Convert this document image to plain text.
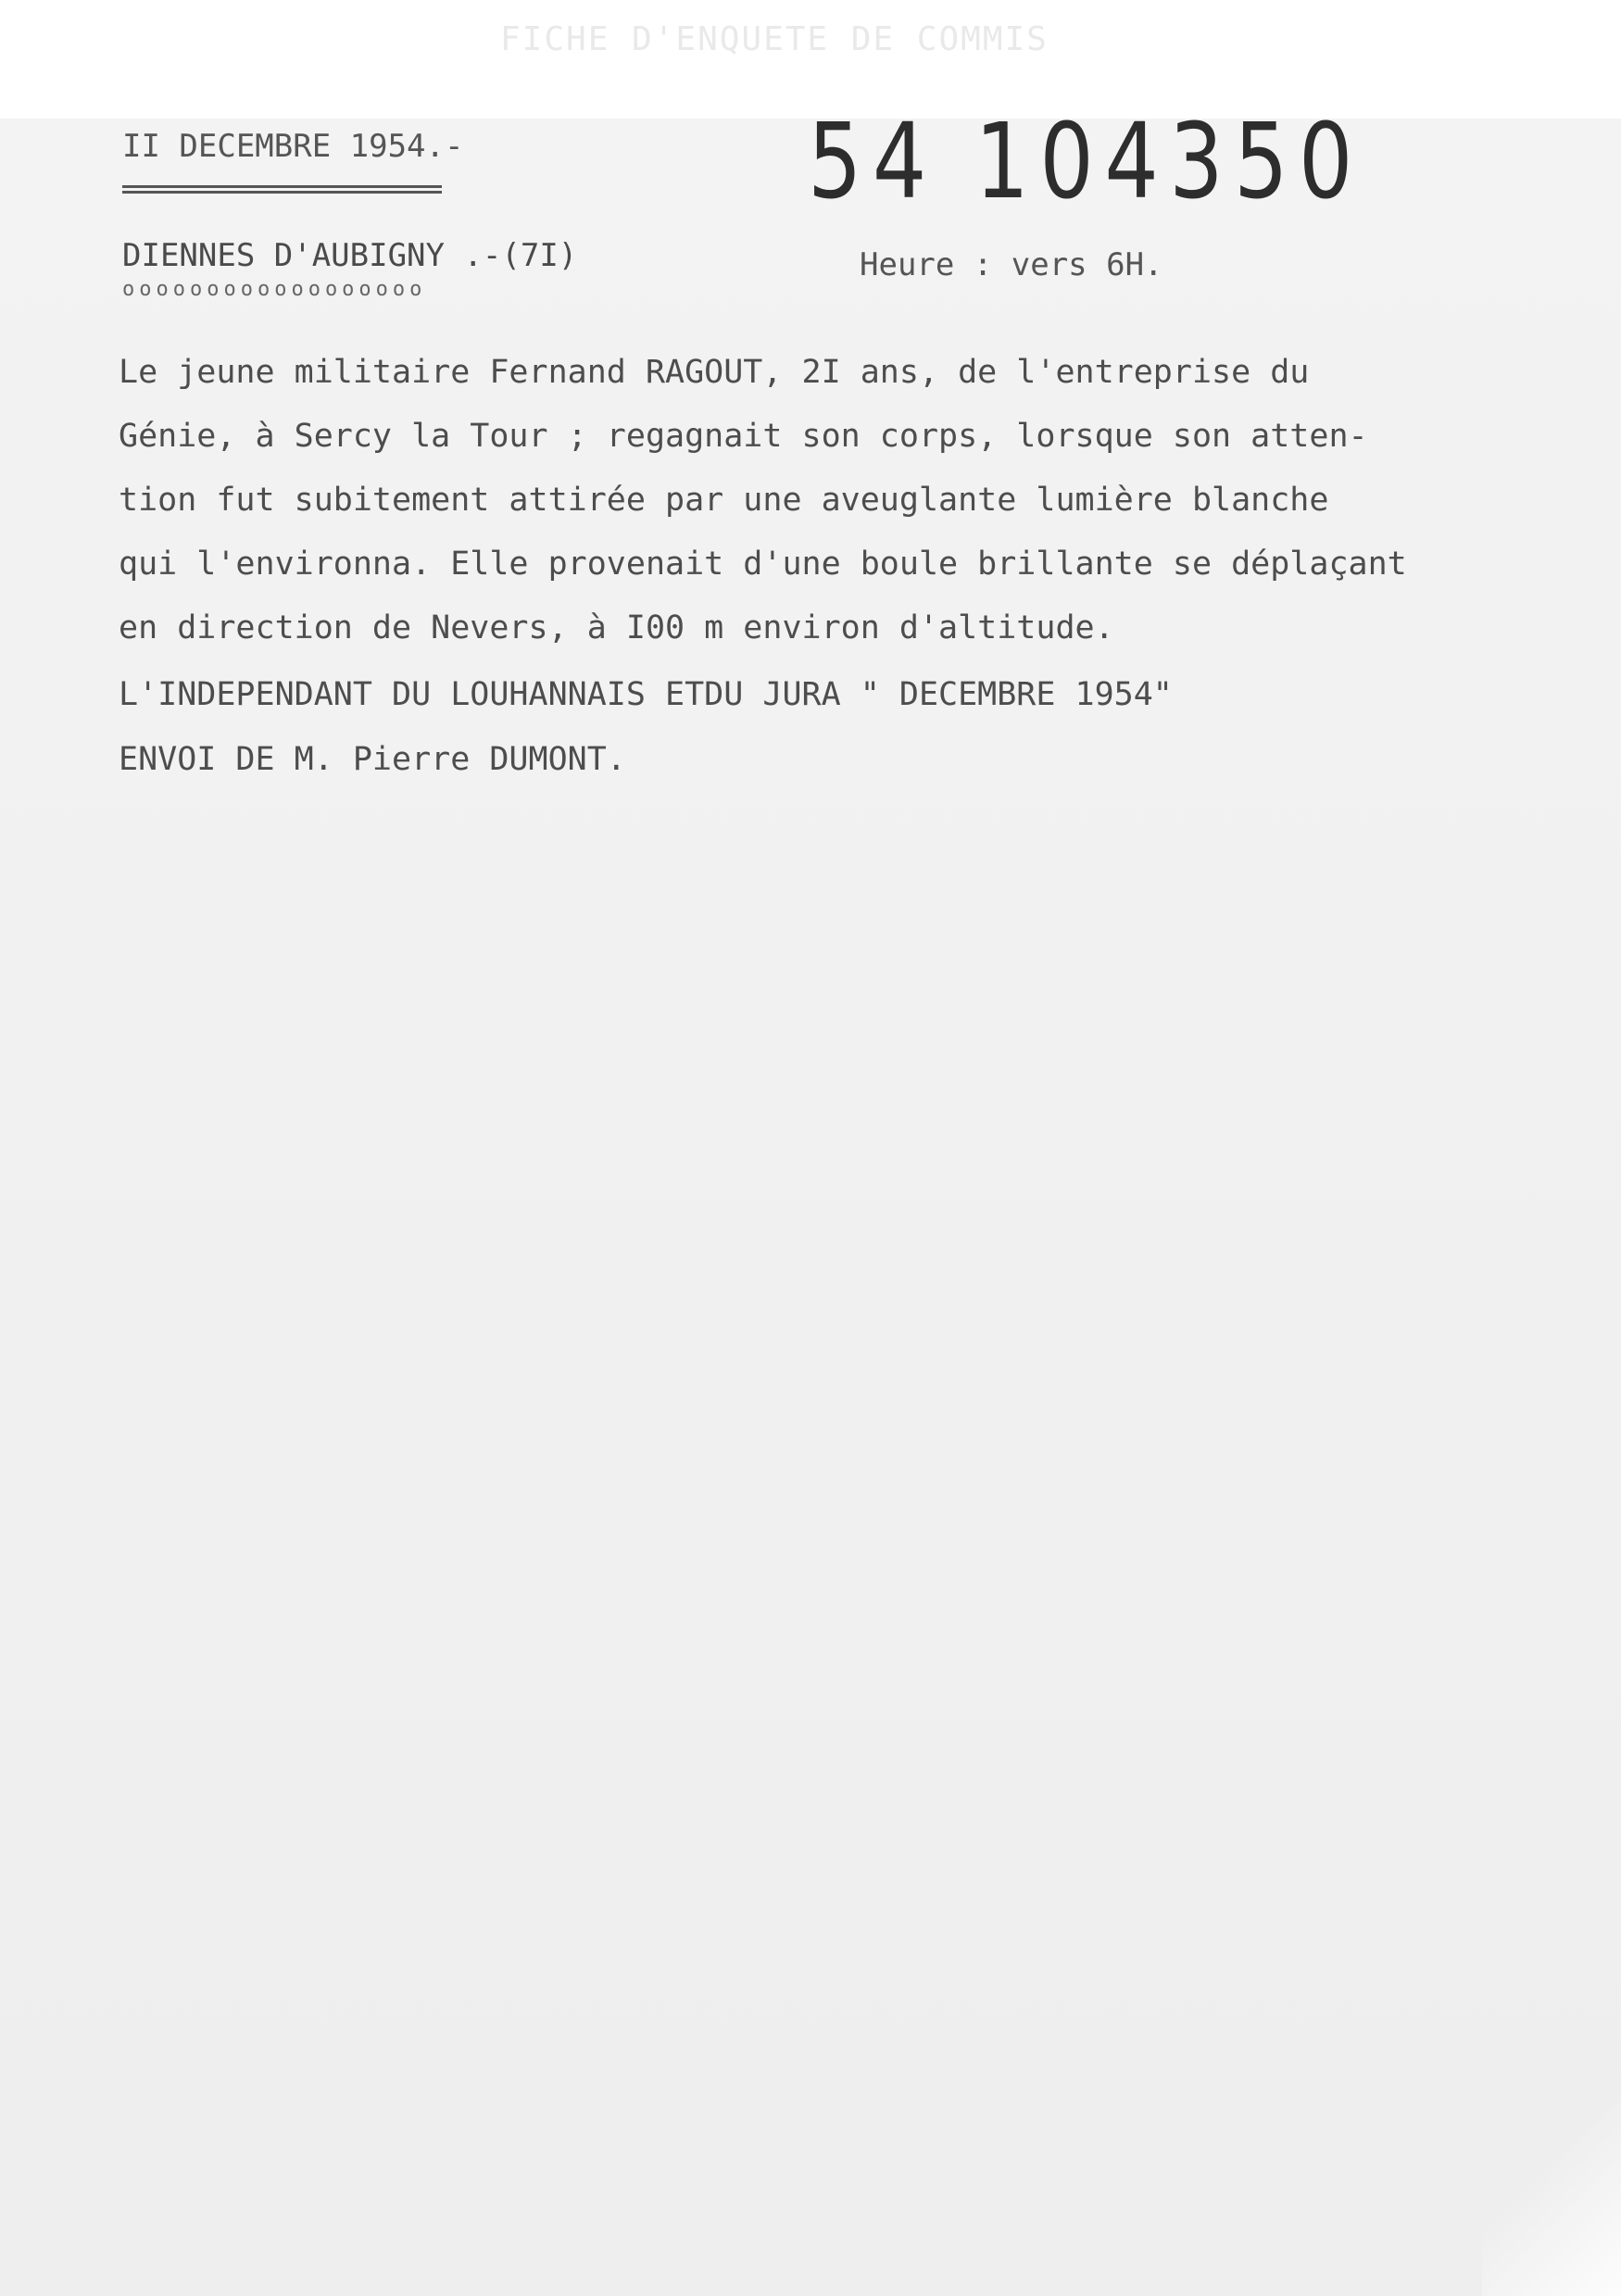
FICHE D'ENQUETE DE COMMIS
II DECEMBRE 1954.-	54 104350
DIENNES D'AUBIGNY .-(7I)
oooooooooooooooooo
Heure : vers 6H.
Le jeune militaire Fernand RAGOUT, 2I ans, de l'entreprise du
Génie, à Sercy la Tour ; regagnait son corps, lorsque son atten-
tion fut subitement attirée par une aveuglante lumière blanche
qui l'environna. Elle provenait d'une boule brillante se déplaçant
en direction de Nevers, à I00 m environ d'altitude.
L'INDEPENDANT DU LOUHANNAIS ETDU JURA " DECEMBRE 1954"
ENVOI DE M. Pierre DUMONT.
